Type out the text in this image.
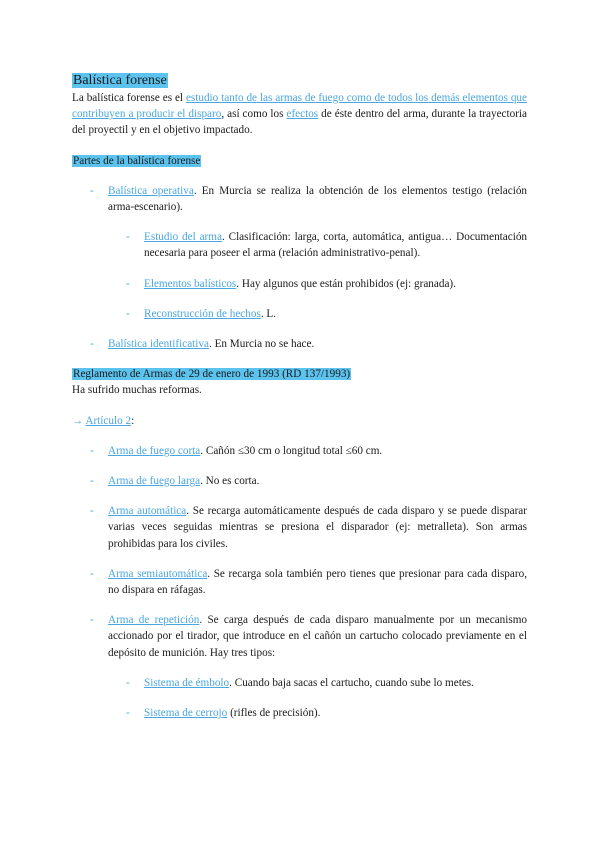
Balística forense

La balística forense es el estudio tanto de las armas de fuego como de todos los demás elementos que contribuyen a producir el disparo, así como los efectos de éste dentro del arma, durante la trayectoria del proyectil y en el objetivo impactado.

Partes de la balística forense
- Balística operativa. En Murcia se realiza la obtención de los elementos testigo (relación arma-escenario).
- Estudio del arma. Clasificación: larga, corta, automática, antigua… Documentación necesaria para poseer el arma (relación administrativo-penal).
- Elementos balísticos. Hay algunos que están prohibidos (ej: granada).
- Reconstrucción de hechos. L.
- Balística identificativa. En Murcia no se hace.
Reglamento de Armas de 29 de enero de 1993 (RD 137/1993)

Ha sufrido muchas reformas.

→ Artículo 2:
- Arma de fuego corta. Cañón ≤30 cm o longitud total ≤60 cm.
- Arma de fuego larga. No es corta.
- Arma automática. Se recarga automáticamente después de cada disparo y se puede disparar varias veces seguidas mientras se presiona el disparador (ej: metralleta). Son armas prohibidas para los civiles.
- Arma semiautomática. Se recarga sola también pero tienes que presionar para cada disparo, no dispara en ráfagas.
- Arma de repetición. Se carga después de cada disparo manualmente por un mecanismo accionado por el tirador, que introduce en el cañón un cartucho colocado previamente en el depósito de munición. Hay tres tipos:
- Sistema de émbolo. Cuando baja sacas el cartucho, cuando sube lo metes.
- Sistema de cerrojo (rifles de precisión).
